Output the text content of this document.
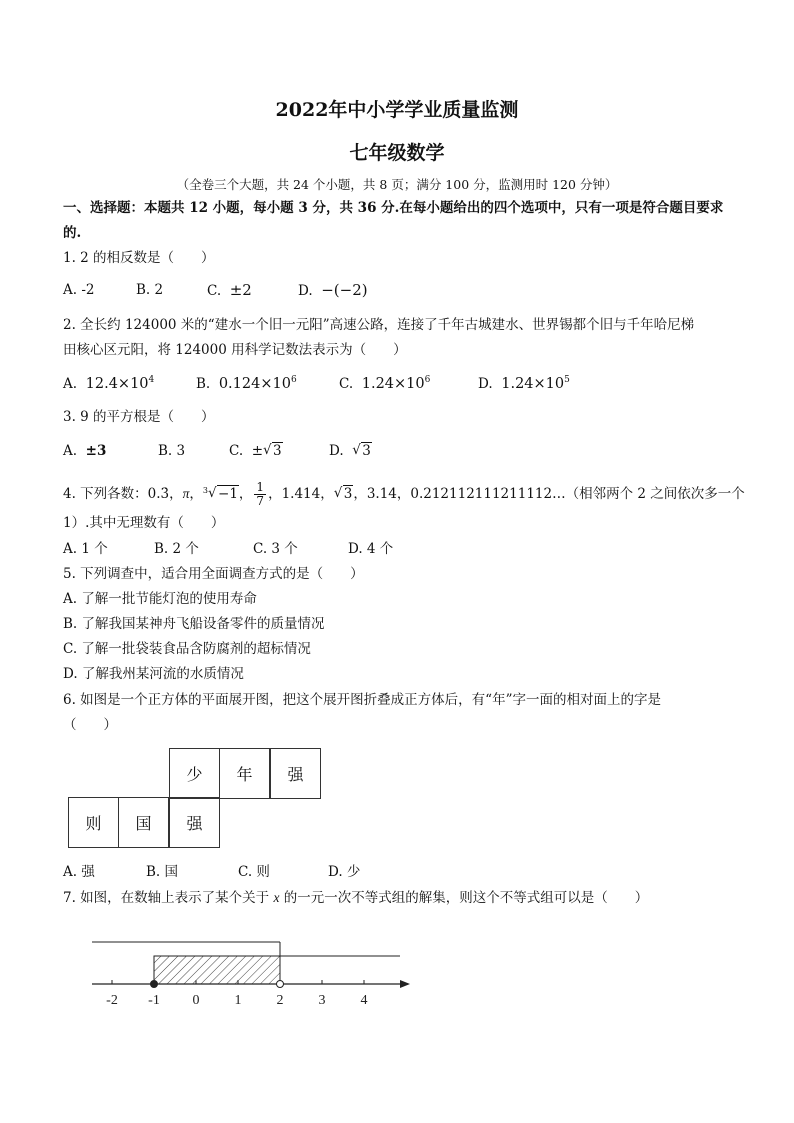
2022年中小学学业质量监测
七年级数学
（全卷三个大题，共 24 个小题，共 8 页；满分 100 分，监测用时 120 分钟）
一、选择题：本题共 12 小题，每小题 3 分，共 36 分.在每小题给出的四个选项中，只有一项是符合题目要求
的.
1. 2 的相反数是（　　）
A. -2	B. 2	C. ±2	D. −(−2)
2. 全长约 124000 米的“建水一个旧一元阳”高速公路，连接了千年古城建水、世界锡都个旧与千年哈尼梯
田核心区元阳，将 124000 用科学记数法表示为（　　）
A. $12.4\times 10^4$	B. $0.124\times 10^6$	C. $1.24\times 10^6$	D. $1.24\times 10^5$
3. 9 的平方根是（　　）
A. ±3	B. 3	C. ± √ 3	D. √ 3
4. 下列各数：0.3̇，π，$^3$ √ −1， $\frac{1}{7}$ ，1.414， √ 3，3.14，0.212112111211112…（相邻两个 2 之间依次多一个
1）.其中无理数有（　　）
A. 1 个	B. 2 个	C. 3 个	D. 4 个
5. 下列调查中，适合用全面调查方式的是（　　）
A. 了解一批节能灯泡的使用寿命
B. 了解我国某神舟飞船设备零件的质量情况
C. 了解一批袋装食品含防腐剂的超标情况
D. 了解我州某河流的水质情况
6. 如图是一个正方体的平面展开图，把这个展开图折叠成正方体后，有“年”字一面的相对面上的字是
（　　）
少	年	强
则	国	强
A. 强	B. 国	C. 则	D. 少
7. 如图，在数轴上表示了某个关于 x 的一元一次不等式组的解集，则这个不等式组可以是（　　）
-2 -1 0	1	2	3	4
